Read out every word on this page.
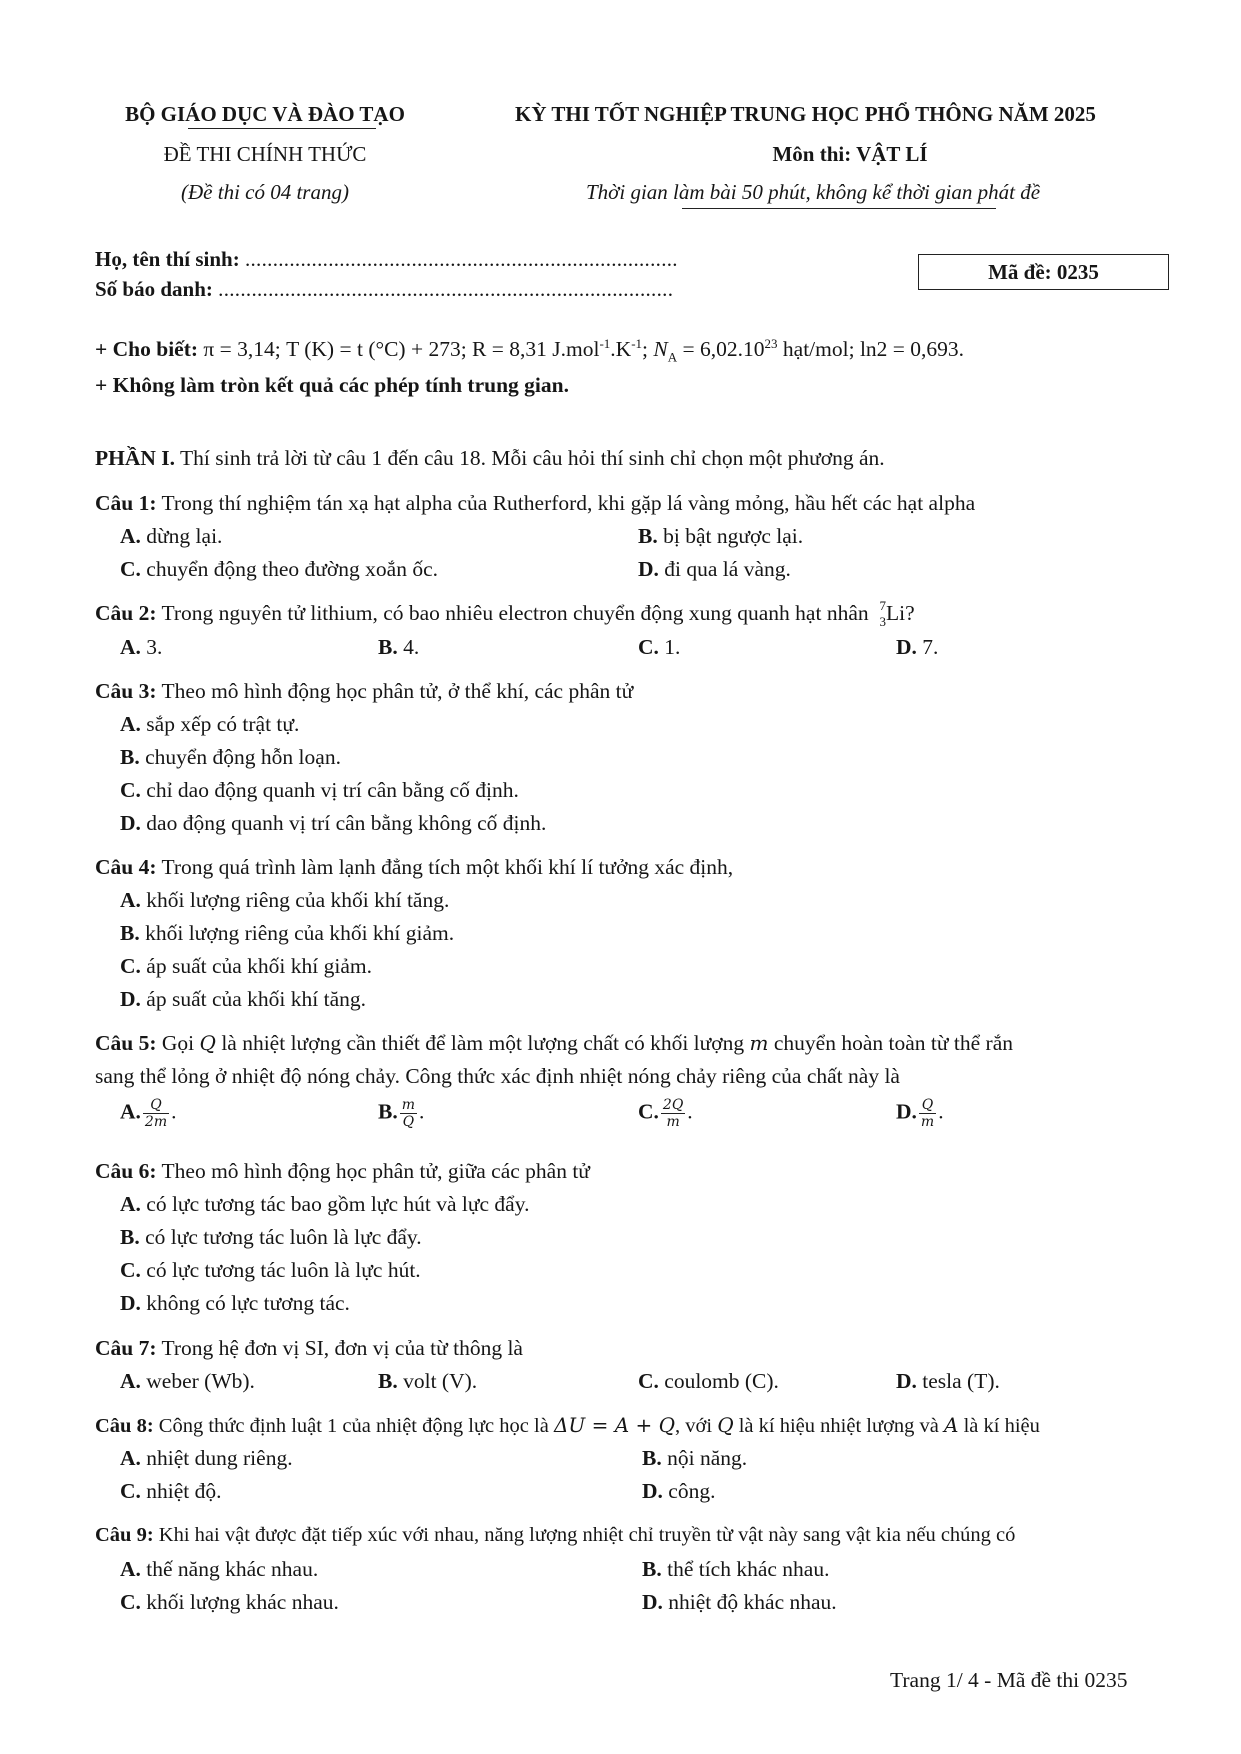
BỘ GIÁO DỤC VÀ ĐÀO TẠO
ĐỀ THI CHÍNH THỨC
(Đề thi có 04 trang)
KỲ THI TỐT NGHIỆP TRUNG HỌC PHỔ THÔNG NĂM 2025
Môn thi: VẬT LÍ
Thời gian làm bài 50 phút, không kể thời gian phát đề
Họ, tên thí sinh: ..............................................................................
Số báo danh: ..................................................................................
Mã đề: 0235
+ Cho biết: π = 3,14; T (K) = t (°C) + 273; R = 8,31 $J.mol^{-1}.K^{-1}$; $N_A = 6,02.10^{23}$ hạt/mol; ln2 = 0,693.
+ Không làm tròn kết quả các phép tính trung gian.
PHẦN I. Thí sinh trả lời từ câu 1 đến câu 18. Mỗi câu hỏi thí sinh chỉ chọn một phương án.
Câu 1: Trong thí nghiệm tán xạ hạt alpha của Rutherford, khi gặp lá vàng mỏng, hầu hết các hạt alpha
A. dừng lại.	B. bị bật ngược lại.
C. chuyển động theo đường xoắn ốc.	D. đi qua lá vàng.
Câu 2: Trong nguyên tử lithium, có bao nhiêu electron chuyển động xung quanh hạt nhân 7
3 Li?
A. 3.	B. 4.	C. 1.	D. 7.
Câu 3: Theo mô hình động học phân tử, ở thể khí, các phân tử
A. sắp xếp có trật tự.
B. chuyển động hỗn loạn.
C. chỉ dao động quanh vị trí cân bằng cố định.
D. dao động quanh vị trí cân bằng không cố định.
Câu 4: Trong quá trình làm lạnh đẳng tích một khối khí lí tưởng xác định,
A. khối lượng riêng của khối khí tăng.
B. khối lượng riêng của khối khí giảm.
C. áp suất của khối khí giảm.
D. áp suất của khối khí tăng.
Câu 5: Gọi Q là nhiệt lượng cần thiết để làm một lượng chất có khối lượng m chuyển hoàn toàn từ thể rắn
sang thể lỏng ở nhiệt độ nóng chảy. Công thức xác định nhiệt nóng chảy riêng của chất này là
A. $\frac{Q}{2m}$ .	B. $\frac{m}{Q}$ .	C. $\frac{2Q}{m}$ .	D. $\frac{Q}{m}$ .
Câu 6: Theo mô hình động học phân tử, giữa các phân tử
A. có lực tương tác bao gồm lực hút và lực đẩy.
B. có lực tương tác luôn là lực đẩy.
C. có lực tương tác luôn là lực hút.
D. không có lực tương tác.
Câu 7: Trong hệ đơn vị SI, đơn vị của từ thông là
A. weber (Wb).	B. volt (V).	C. coulomb (C).	D. tesla (T).
Câu 8: Công thức định luật 1 của nhiệt động lực học là ΔU = A + Q, với Q là kí hiệu nhiệt lượng và A là kí hiệu
A. nhiệt dung riêng.	B. nội năng.
C. nhiệt độ.	D. công.
Câu 9: Khi hai vật được đặt tiếp xúc với nhau, năng lượng nhiệt chỉ truyền từ vật này sang vật kia nếu chúng có
A. thế năng khác nhau.	B. thể tích khác nhau.
C. khối lượng khác nhau.	D. nhiệt độ khác nhau.
Trang 1/ 4 - Mã đề thi 0235
